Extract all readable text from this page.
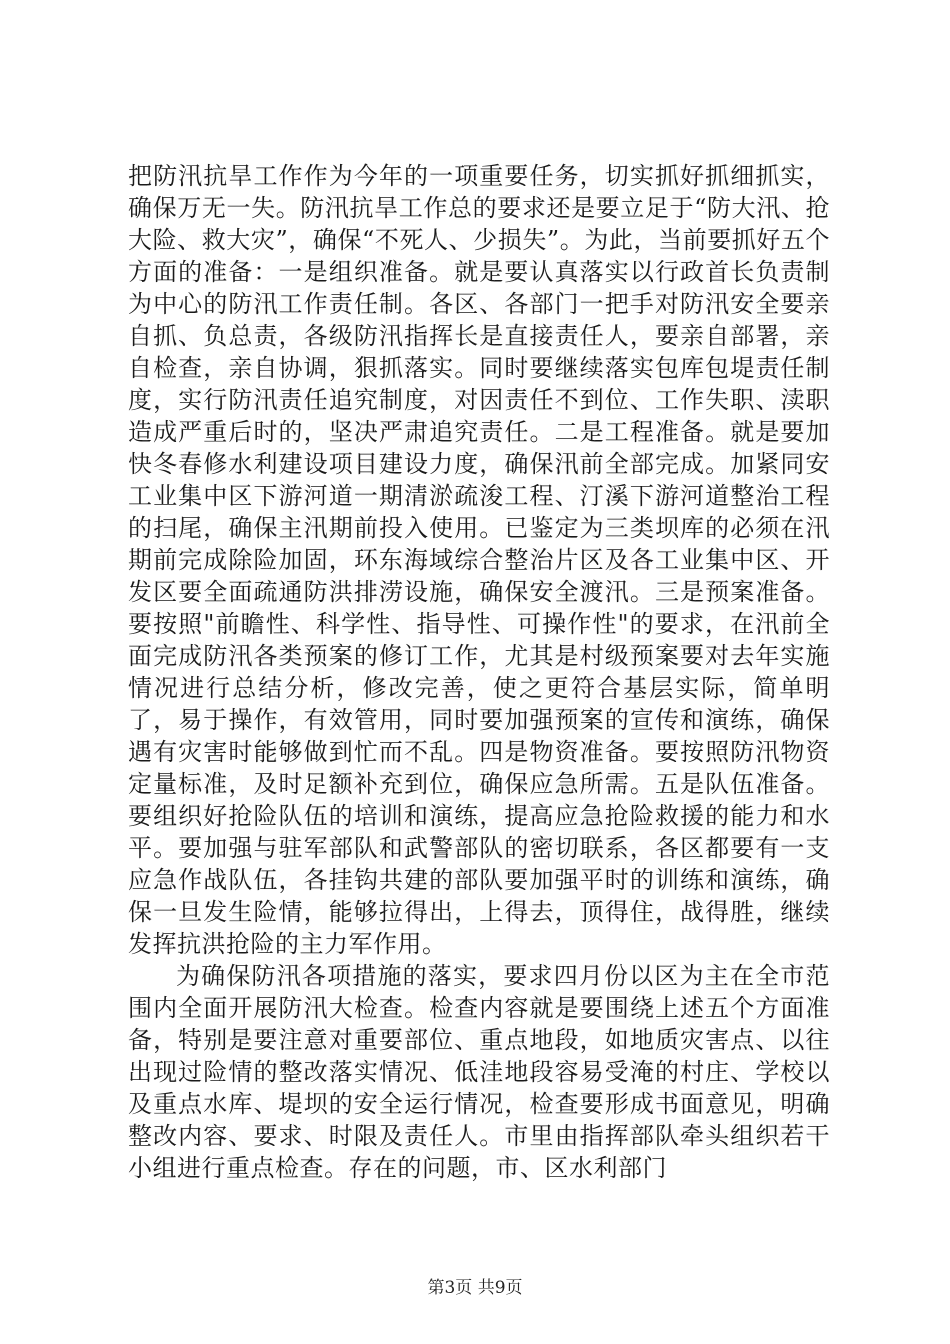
把防汛抗旱工作作为今年的一项重要任务，切实抓好抓细抓实，确保万无一失。防汛抗旱工作总的要求还是要立足于“防大汛、抢大险、救大灾”，确保“不死人、少损失”。为此，当前要抓好五个方面的准备：一是组织准备。就是要认真落实以行政首长负责制为中心的防汛工作责任制。各区、各部门一把手对防汛安全要亲自抓、负总责，各级防汛指挥长是直接责任人，要亲自部署，亲自检查，亲自协调，狠抓落实。同时要继续落实包库包堤责任制度，实行防汛责任追究制度，对因责任不到位、工作失职、渎职造成严重后时的，坚决严肃追究责任。二是工程准备。就是要加快冬春修水利建设项目建设力度，确保汛前全部完成。加紧同安工业集中区下游河道一期清淤疏浚工程、汀溪下游河道整治工程的扫尾，确保主汛期前投入使用。已鉴定为三类坝库的必须在汛期前完成除险加固，环东海域综合整治片区及各工业集中区、开发区要全面疏通防洪排涝设施，确保安全渡汛。三是预案准备。要按照"前瞻性、科学性、指导性、可操作性"的要求，在汛前全面完成防汛各类预案的修订工作，尤其是村级预案要对去年实施情况进行总结分析，修改完善，使之更符合基层实际，简单明了，易于操作，有效管用，同时要加强预案的宣传和演练，确保遇有灾害时能够做到忙而不乱。四是物资准备。要按照防汛物资定量标准，及时足额补充到位，确保应急所需。五是队伍准备。要组织好抢险队伍的培训和演练，提高应急抢险救援的能力和水平。要加强与驻军部队和武警部队的密切联系，各区都要有一支应急作战队伍，各挂钩共建的部队要加强平时的训练和演练，确保一旦发生险情，能够拉得出，上得去，顶得住，战得胜，继续发挥抗洪抢险的主力军作用。

为确保防汛各项措施的落实，要求四月份以区为主在全市范围内全面开展防汛大检查。检查内容就是要围绕上述五个方面准备，特别是要注意对重要部位、重点地段，如地质灾害点、以往出现过险情的整改落实情况、低洼地段容易受淹的村庄、学校以及重点水库、堤坝的安全运行情况，检查要形成书面意见，明确整改内容、要求、时限及责任人。市里由指挥部队牵头组织若干小组进行重点检查。存在的问题，市、区水利部门

第3页 共9页
